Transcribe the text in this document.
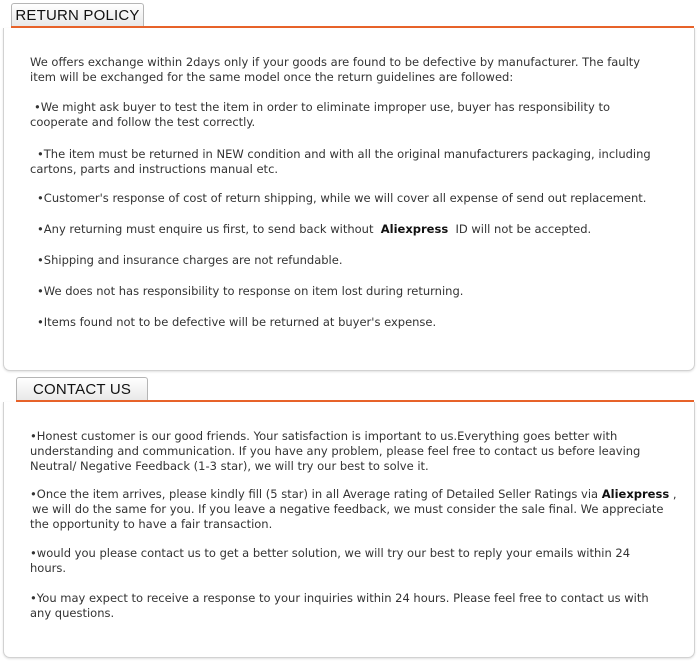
RETURN POLICY
We offers exchange within 2days only if your goods are found to be defective by manufacturer. The faulty
item will be exchanged for the same model once the return guidelines are followed:
•We might ask buyer to test the item in order to eliminate improper use, buyer has responsibility to
cooperate and follow the test correctly.
•The item must be returned in NEW condition and with all the original manufacturers packaging, including
cartons, parts and instructions manual etc.
•Customer's response of cost of return shipping, while we will cover all expense of send out replacement.
•Any returning must enquire us first, to send back without Aliexpress ID will not be accepted.
•Shipping and insurance charges are not refundable.
•We does not has responsibility to response on item lost during returning.
•Items found not to be defective will be returned at buyer's expense.
CONTACT US
•Honest customer is our good friends. Your satisfaction is important to us.Everything goes better with
understanding and communication. If you have any problem, please feel free to contact us before leaving
Neutral/ Negative Feedback (1-3 star), we will try our best to solve it.
•Once the item arrives, please kindly fill (5 star) in all Average rating of Detailed Seller Ratings via Aliexpress ,
we will do the same for you. If you leave a negative feedback, we must consider the sale final. We appreciate
the opportunity to have a fair transaction.
•would you please contact us to get a better solution, we will try our best to reply your emails within 24
hours.
•You may expect to receive a response to your inquiries within 24 hours. Please feel free to contact us with
any questions.
